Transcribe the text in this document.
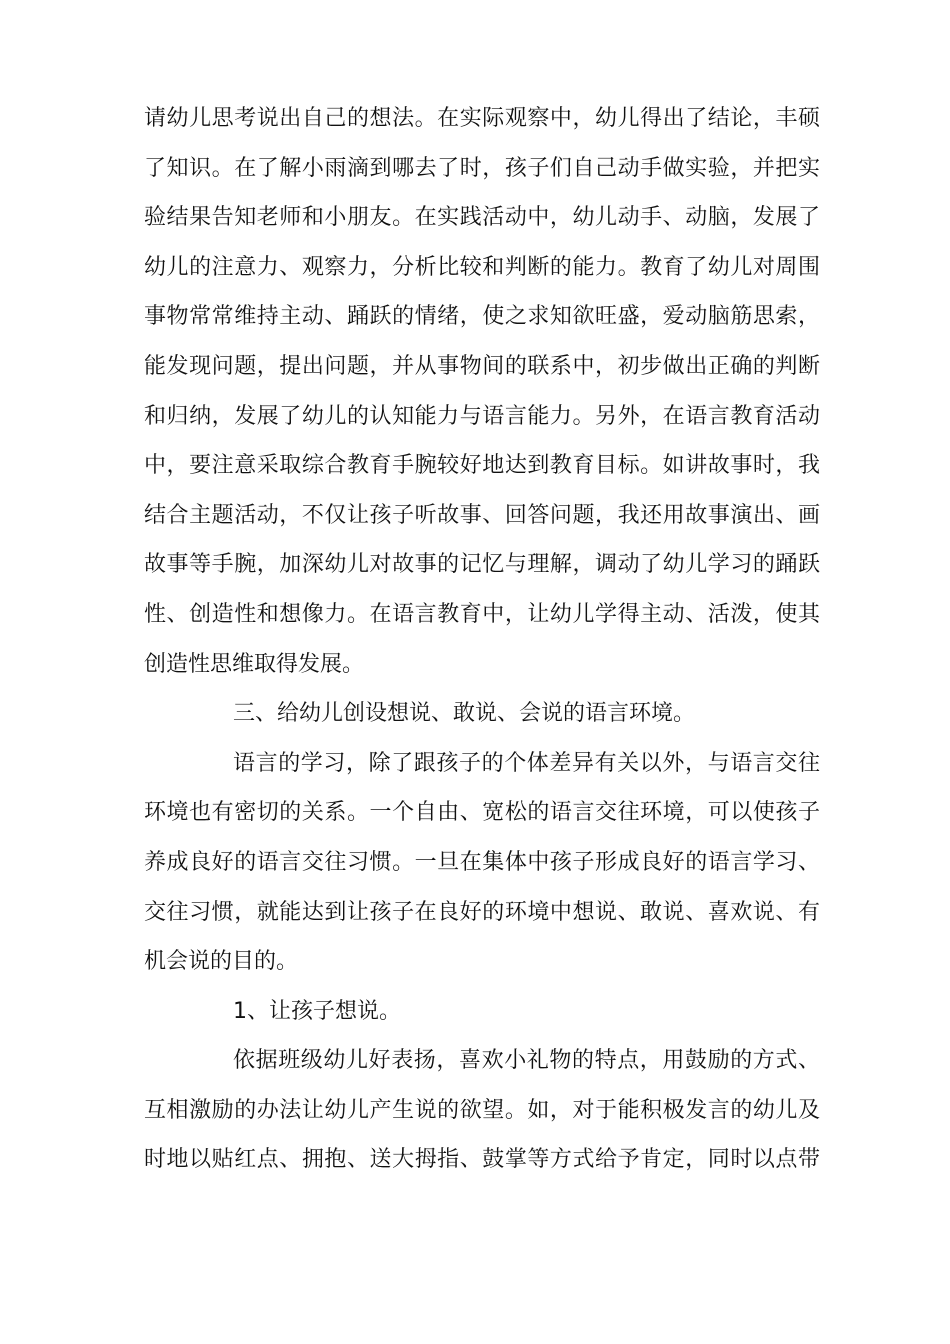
请幼儿思考说出自己的想法。在实际观察中，幼儿得出了结论，丰硕
了知识。在了解小雨滴到哪去了时，孩子们自己动手做实验，并把实
验结果告知老师和小朋友。在实践活动中，幼儿动手、动脑，发展了
幼儿的注意力、观察力，分析比较和判断的能力。教育了幼儿对周围
事物常常维持主动、踊跃的情绪，使之求知欲旺盛，爱动脑筋思索，
能发现问题，提出问题，并从事物间的联系中，初步做出正确的判断
和归纳，发展了幼儿的认知能力与语言能力。另外，在语言教育活动
中，要注意采取综合教育手腕较好地达到教育目标。如讲故事时，我
结合主题活动，不仅让孩子听故事、回答问题，我还用故事演出、画
故事等手腕，加深幼儿对故事的记忆与理解，调动了幼儿学习的踊跃
性、创造性和想像力。在语言教育中，让幼儿学得主动、活泼，使其
创造性思维取得发展。
三、给幼儿创设想说、敢说、会说的语言环境。
语言的学习，除了跟孩子的个体差异有关以外，与语言交往
环境也有密切的关系。一个自由、宽松的语言交往环境，可以使孩子
养成良好的语言交往习惯。一旦在集体中孩子形成良好的语言学习、
交往习惯，就能达到让孩子在良好的环境中想说、敢说、喜欢说、有
机会说的目的。
1、让孩子想说。
依据班级幼儿好表扬，喜欢小礼物的特点，用鼓励的方式、
互相激励的办法让幼儿产生说的欲望。如，对于能积极发言的幼儿及
时地以贴红点、拥抱、送大拇指、鼓掌等方式给予肯定，同时以点带
